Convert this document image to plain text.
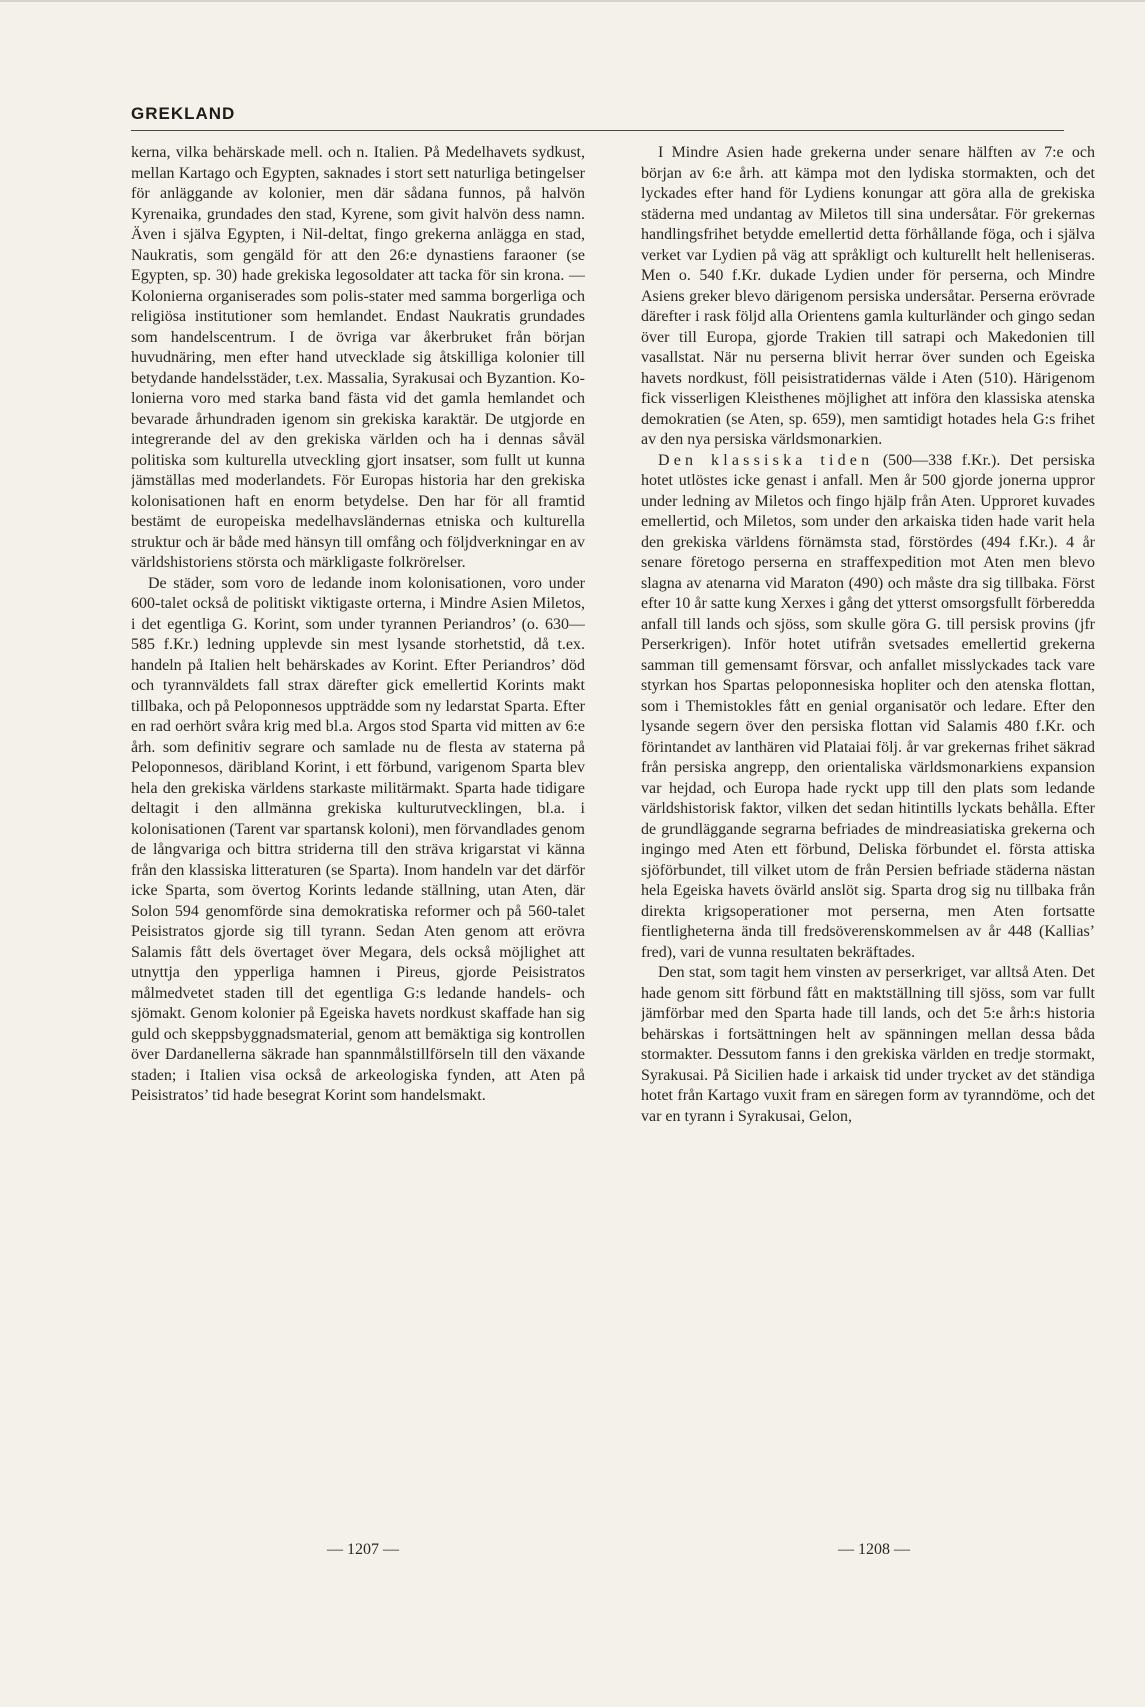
GREKLAND

kerna, vilka behärskade mell. och n. Italien. På Medelhavets sydkust, mellan Kartago och Egypten, saknades i stort sett naturliga betingelser för anläggande av kolonier, men där sådana funnos, på halvön Kyrenaika, grundades den stad, Kyrene, som givit halvön dess namn. Även i själva Egypten, i Nil-deltat, fingo grekerna anlägga en stad, Naukratis, som gengäld för att den 26:e dynastiens faraoner (se Egypten, sp. 30) hade grekiska legosoldater att tacka för sin krona. — Kolonierna organiserades som polis-stater med samma borgerliga och religiösa institutioner som hemlandet. Endast Naukratis grundades som handelscentrum. I de övriga var åkerbruket från början huvudnäring, men efter hand utvecklade sig åtskilliga kolonier till betydande handelsstäder, t.ex. Massalia, Syrakusai och Byzantion. Kolonierna voro med starka band fästa vid det gamla hemlandet och bevarade århundraden igenom sin grekiska karaktär. De utgjorde en integrerande del av den grekiska världen och ha i dennas såväl politiska som kulturella utveckling gjort insatser, som fullt ut kunna jämställas med moderlandets. För Europas historia har den grekiska kolonisationen haft en enorm betydelse. Den har för all framtid bestämt de europeiska medelhavsländernas etniska och kulturella struktur och är både med hänsyn till omfång och följdverkningar en av världshistoriens största och märkligaste folkrörelser.

De städer, som voro de ledande inom kolonisationen, voro under 600-talet också de politiskt viktigaste orterna, i Mindre Asien Miletos, i det egentliga G. Korint, som under tyrannen Periandros’ (o. 630—585 f.Kr.) ledning upplevde sin mest lysande storhetstid, då t.ex. handeln på Italien helt behärskades av Korint. Efter Periandros’ död och tyrannväldets fall strax därefter gick emellertid Korints makt tillbaka, och på Peloponnesos uppträdde som ny ledarstat Sparta. Efter en rad oerhört svåra krig med bl.a. Argos stod Sparta vid mitten av 6:e årh. som definitiv segrare och samlade nu de flesta av staterna på Peloponnesos, däribland Korint, i ett förbund, varigenom Sparta blev hela den grekiska världens starkaste militärmakt. Sparta hade tidigare deltagit i den allmänna grekiska kulturutvecklingen, bl.a. i kolonisationen (Tarent var spartansk koloni), men förvandlades genom de långvariga och bittra striderna till den sträva krigarstat vi känna från den klassiska litteraturen (se Sparta). Inom handeln var det därför icke Sparta, som övertog Korints ledande ställning, utan Aten, där Solon 594 genomförde sina demokratiska reformer och på 560-talet Peisistratos gjorde sig till tyrann. Sedan Aten genom att erövra Salamis fått dels övertaget över Megara, dels också möjlighet att utnyttja den ypperliga hamnen i Pireus, gjorde Peisistratos målmedvetet staden till det egentliga G:s ledande handels- och sjömakt. Genom kolonier på Egeiska havets nordkust skaffade han sig guld och skeppsbyggnadsmaterial, genom att bemäktiga sig kontrollen över Dardanellerna säkrade han spannmålstillförseln till den växande staden; i Italien visa också de arkeologiska fynden, att Aten på Peisistratos’ tid hade besegrat Korint som handelsmakt.

I Mindre Asien hade grekerna under senare hälften av 7:e och början av 6:e årh. att kämpa mot den lydiska stormakten, och det lyckades efter hand för Lydiens konungar att göra alla de grekiska städerna med undantag av Miletos till sina undersåtar. För grekernas handlingsfrihet betydde emellertid detta förhållande föga, och i själva verket var Lydien på väg att språkligt och kulturellt helt helleniseras. Men o. 540 f.Kr. dukade Lydien under för perserna, och Mindre Asiens greker blevo därigenom persiska undersåtar. Perserna erövrade därefter i rask följd alla Orientens gamla kulturländer och gingo sedan över till Europa, gjorde Trakien till satrapi och Makedonien till vasallstat. När nu perserna blivit herrar över sunden och Egeiska havets nordkust, föll peisistratidernas välde i Aten (510). Härigenom fick visserligen Kleisthenes möjlighet att införa den klassiska atenska demokratien (se Aten, sp. 659), men samtidigt hotades hela G:s frihet av den nya persiska världsmonarkien.

Den klassiska tiden (500—338 f.Kr.). Det persiska hotet utlöstes icke genast i anfall. Men år 500 gjorde jonerna uppror under ledning av Miletos och fingo hjälp från Aten. Upproret kuvades emellertid, och Miletos, som under den arkaiska tiden hade varit hela den grekiska världens förnämsta stad, förstördes (494 f.Kr.). 4 år senare företogo perserna en straffexpedition mot Aten men blevo slagna av atenarna vid Maraton (490) och måste dra sig tillbaka. Först efter 10 år satte kung Xerxes i gång det ytterst omsorgsfullt förberedda anfall till lands och sjöss, som skulle göra G. till persisk provins (jfr Perserkrigen). Inför hotet utifrån svetsades emellertid grekerna samman till gemensamt försvar, och anfallet misslyckades tack vare styrkan hos Spartas peloponnesiska hopliter och den atenska flottan, som i Themistokles fått en genial organisatör och ledare. Efter den lysande segern över den persiska flottan vid Salamis 480 f.Kr. och förintandet av lanthären vid Plataiai följ. år var grekernas frihet säkrad från persiska angrepp, den orientaliska världsmonarkiens expansion var hejdad, och Europa hade ryckt upp till den plats som ledande världshistorisk faktor, vilken det sedan hitintills lyckats behålla. Efter de grundläggande segrarna befriades de mindreasiatiska grekerna och ingingo med Aten ett förbund, Deliska förbundet el. första attiska sjöförbundet, till vilket utom de från Persien befriade städerna nästan hela Egeiska havets övärld anslöt sig. Sparta drog sig nu tillbaka från direkta krigsoperationer mot perserna, men Aten fortsatte fientligheterna ända till fredsöverenskommelsen av år 448 (Kallias’ fred), vari de vunna resultaten bekräftades.

Den stat, som tagit hem vinsten av perserkriget, var alltså Aten. Det hade genom sitt förbund fått en maktställning till sjöss, som var fullt jämförbar med den Sparta hade till lands, och det 5:e årh:s historia behärskas i fortsättningen helt av spänningen mellan dessa båda stormakter. Dessutom fanns i den grekiska världen en tredje stormakt, Syrakusai. På Sicilien hade i arkaisk tid under trycket av det ständiga hotet från Kartago vuxit fram en säregen form av tyranndöme, och det var en tyrann i Syrakusai, Gelon,

— 1207 —	— 1208 —
